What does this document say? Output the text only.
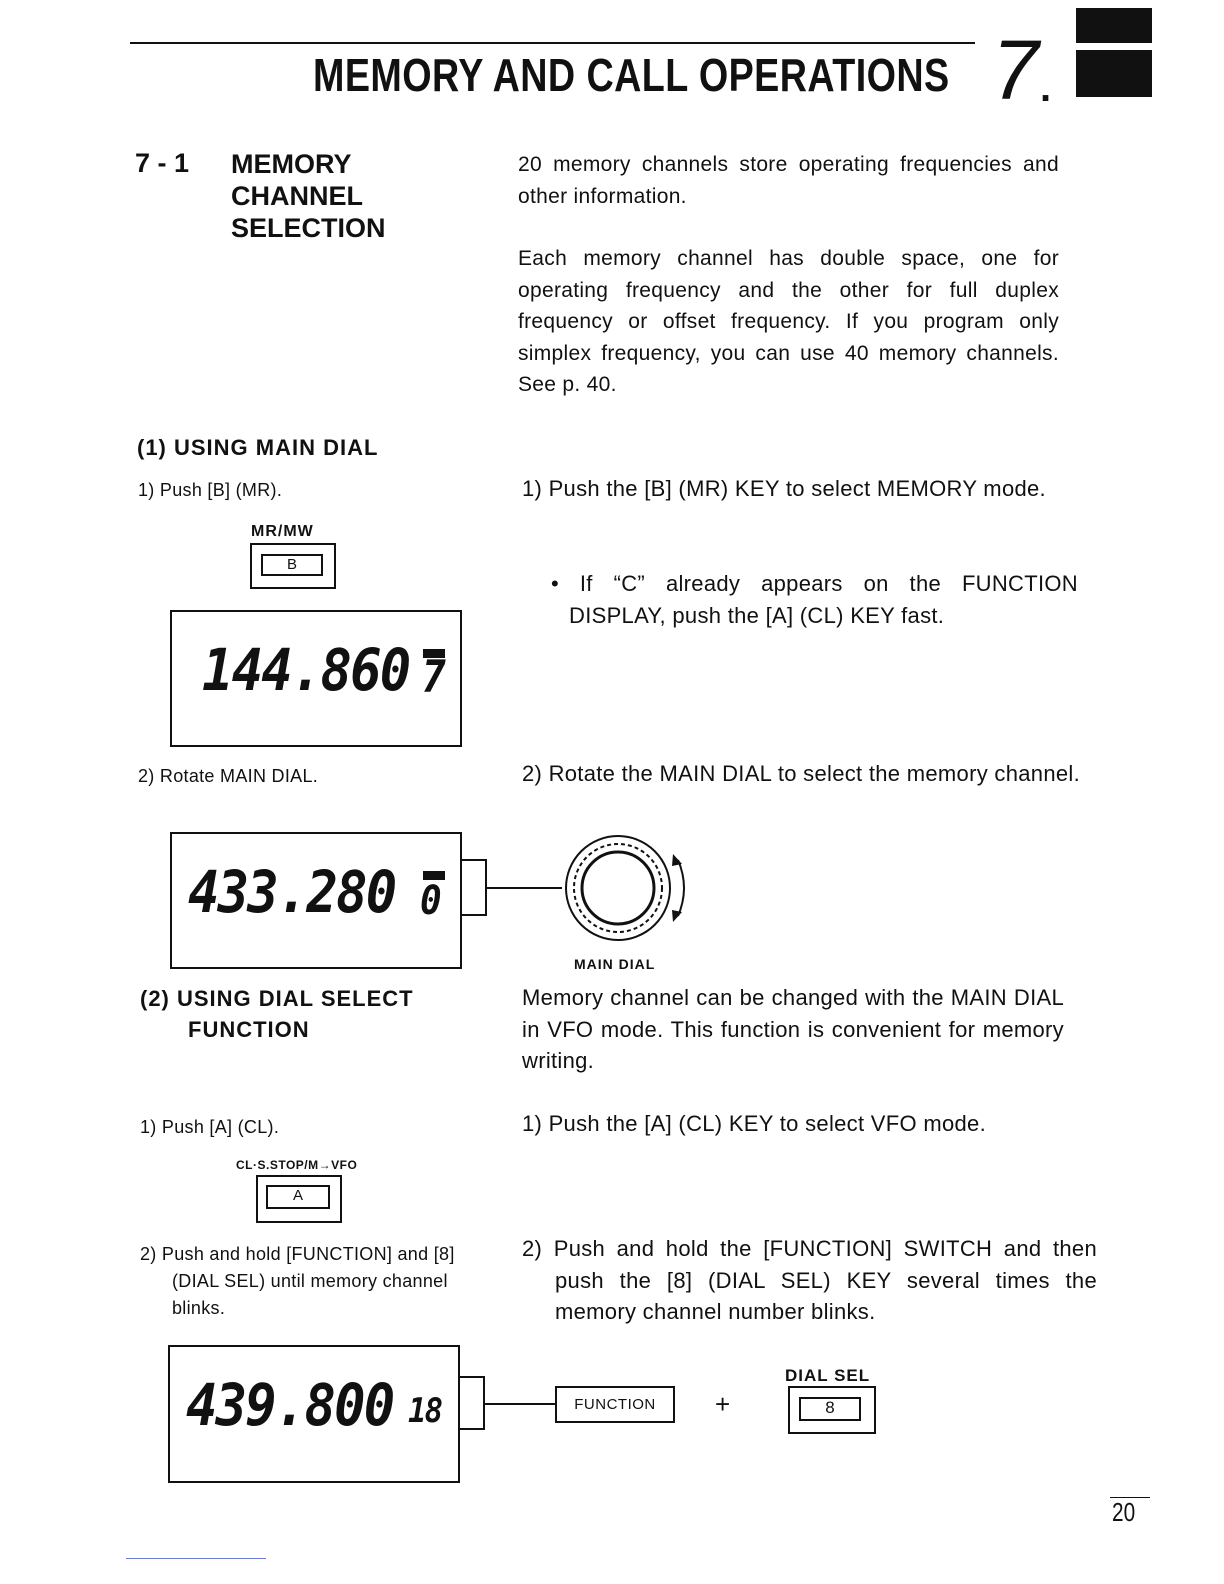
MEMORY AND CALL OPERATIONS 7 .
7 - 1 MEMORY CHANNEL SELECTION
20 memory channels store operating frequencies and other information.
Each memory channel has double space, one for operating frequency and the other for full duplex frequency or offset frequency. If you program only simplex frequency, you can use 40 memory channels. See p. 40.
(1) USING MAIN DIAL
1) Push [B] (MR).
MR/MW
B
144.860 7
1) Push the [B] (MR) KEY to select MEMORY mode.
• If “C” already appears on the FUNCTION DISPLAY, push the [A] (CL) KEY fast.
2) Rotate MAIN DIAL.	2) Rotate the MAIN DIAL to select the memory channel.
433.280 0
MAIN DIAL
(2) USING DIAL SELECT
FUNCTION
Memory channel can be changed with the MAIN DIAL in VFO mode. This function is convenient for memory writing.
1) Push [A] (CL).	1) Push the [A] (CL) KEY to select VFO mode.
CL·S.STOP/M→VFO
A
2) Push and hold [FUNCTION] and [8] (DIAL SEL) until memory channel blinks.
2) Push and hold the [FUNCTION] SWITCH and then push the [8] (DIAL SEL) KEY several times the memory channel number blinks.
439.800 18	FUNCTION	+
DIAL SEL
8
20
